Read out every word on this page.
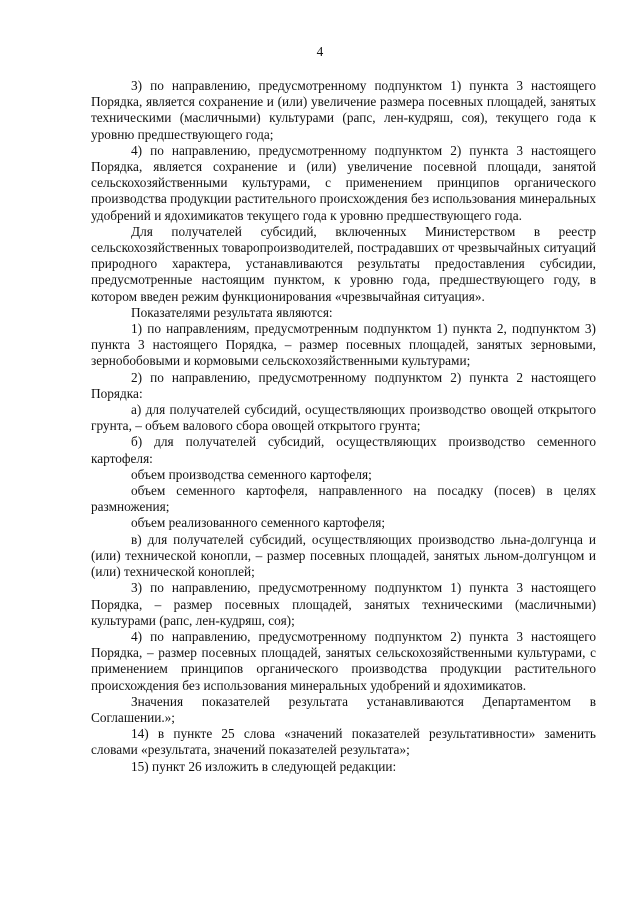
4

3) по направлению, предусмотренному подпунктом 1) пункта 3 настоящего Порядка, является сохранение и (или) увеличение размера посевных площадей, занятых техническими (масличными) культурами (рапс, лен-кудряш, соя), текущего года к уровню предшествующего года;

4) по направлению, предусмотренному подпунктом 2) пункта 3 настоящего Порядка, является сохранение и (или) увеличение посевной площади, занятой сельскохозяйственными культурами, с применением принципов органического производства продукции растительного происхождения без использования минеральных удобрений и ядохимикатов текущего года к уровню предшествующего года.

Для получателей субсидий, включенных Министерством в реестр сельскохозяйственных товаропроизводителей, пострадавших от чрезвычайных ситуаций природного характера, устанавливаются результаты предоставления субсидии, предусмотренные настоящим пунктом, к уровню года, предшествующего году, в котором введен режим функционирования «чрезвычайная ситуация».

Показателями результата являются:

1) по направлениям, предусмотренным подпунктом 1) пункта 2, подпунктом 3) пункта 3 настоящего Порядка, – размер посевных площадей, занятых зерновыми, зернобобовыми и кормовыми сельскохозяйственными культурами;

2) по направлению, предусмотренному подпунктом 2) пункта 2 настоящего Порядка:

а) для получателей субсидий, осуществляющих производство овощей открытого грунта, – объем валового сбора овощей открытого грунта;

б) для получателей субсидий, осуществляющих производство семенного картофеля:

объем производства семенного картофеля;

объем семенного картофеля, направленного на посадку (посев) в целях размножения;

объем реализованного семенного картофеля;

в) для получателей субсидий, осуществляющих производство льна-долгунца и (или) технической конопли, – размер посевных площадей, занятых льном-долгунцом и (или) технической коноплей;

3) по направлению, предусмотренному подпунктом 1) пункта 3 настоящего Порядка, – размер посевных площадей, занятых техническими (масличными) культурами (рапс, лен-кудряш, соя);

4) по направлению, предусмотренному подпунктом 2) пункта 3 настоящего Порядка, – размер посевных площадей, занятых сельскохозяйственными культурами, с применением принципов органического производства продукции растительного происхождения без использования минеральных удобрений и ядохимикатов.

Значения показателей результата устанавливаются Департаментом в Соглашении.»;

14) в пункте 25 слова «значений показателей результативности» заменить словами «результата, значений показателей результата»;

15) пункт 26 изложить в следующей редакции:
